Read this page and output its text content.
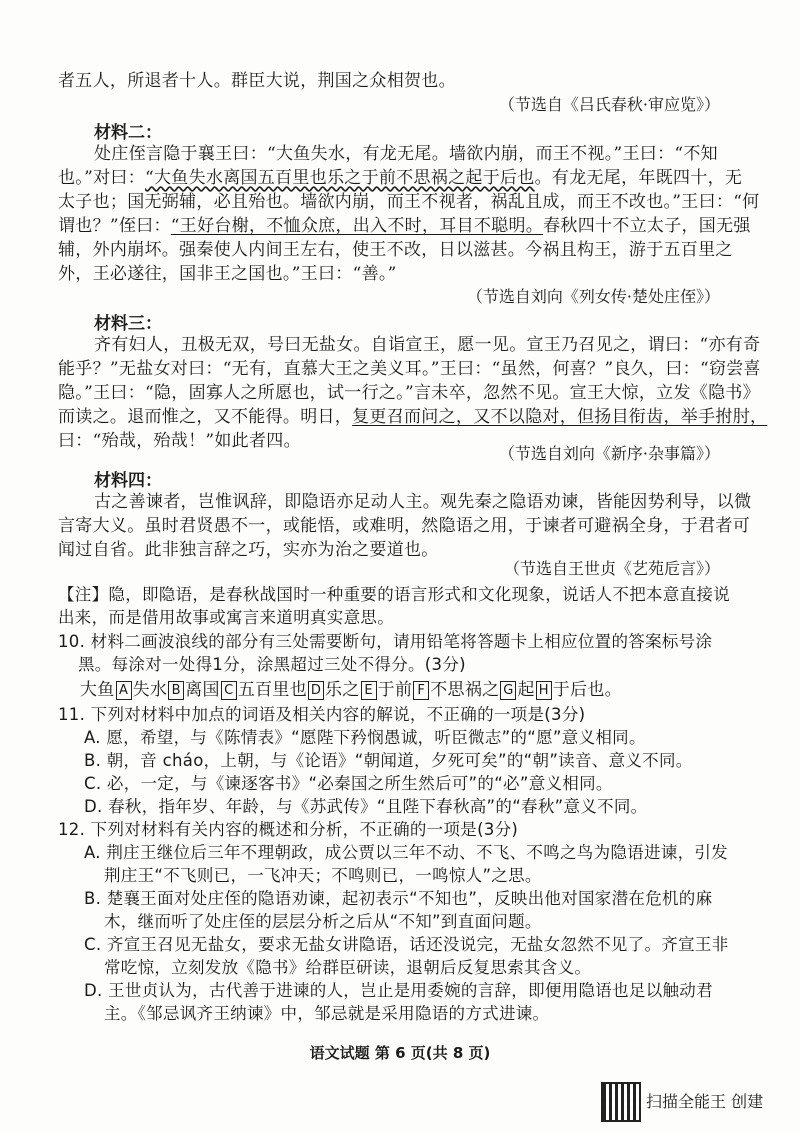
者五人，所退者十人。群臣大说，荆国之众相贺也。

（节选自《吕氏春秋·审应览》）
材料二：

处庄侄言隐于襄王曰：“大鱼失水，有龙无尾。墙欲内崩，而王不视。”王曰：“不知

也。”对曰：“大鱼失水离国五百里也乐之于前不思祸之起于后也。有龙无尾，年既四十，无

太子也；国无弼辅，必且殆也。墙欲内崩，而王不视者，祸乱且成，而王不改也。”王曰：“何

谓也？”侄曰：“王好台榭，不恤众庶，出入不时，耳目不聪明。春秋四十不立太子，国无强

辅，外内崩坏。强秦使人内间王左右，使王不改，日以滋甚。今祸且构王，游于五百里之

外，王必遂往，国非王之国也。”王曰：“善。”

（节选自刘向《列女传·楚处庄侄》）
材料三：

齐有妇人，丑极无双，号曰无盐女。自诣宣王，愿一见。宣王乃召见之，谓曰：“亦有奇

能乎？”无盐女对曰：“无有，直慕大王之美义耳。”王曰：“虽然，何喜？”良久，曰：“窃尝喜

隐。”王曰：“隐，固寡人之所愿也，试一行之。”言未卒，忽然不见。宣王大惊，立发《隐书》

而读之。退而惟之，又不能得。明日，复更召而问之，又不以隐对，但扬目衔齿，举手拊肘，

曰：“殆哉，殆哉！”如此者四。

（节选自刘向《新序·杂事篇》）
材料四：

古之善谏者，岂惟讽辞，即隐语亦足动人主。观先秦之隐语劝谏，皆能因势利导，以微

言寄大义。虽时君贤愚不一，或能悟，或难明，然隐语之用，于谏者可避祸全身，于君者可

闻过自省。此非独言辞之巧，实亦为治之要道也。

（节选自王世贞《艺苑卮言》）

【注】隐，即隐语，是春秋战国时一种重要的语言形式和文化现象，说话人不把本意直接说

出来，而是借用故事或寓言来道明真实意思。

10. 材料二画波浪线的部分有三处需要断句，请用铅笔将答题卡上相应位置的答案标号涂

黑。每涂对一处得1分，涂黑超过三处不得分。(3分)

大鱼 A 失水 B 离国 C 五百里也 D 乐之 E 于前 F 不思祸之 G 起 H 于后也。

11. 下列对材料中加点的词语及相关内容的解说，不正确的一项是(3分)

A. 愿，希望，与《陈情表》“愿陛下矜悯愚诚，听臣微志”的“愿”意义相同。

B. 朝，音 cháo，上朝，与《论语》“朝闻道，夕死可矣”的“朝”读音、意义不同。

C. 必，一定，与《谏逐客书》“必秦国之所生然后可”的“必”意义相同。

D. 春秋，指年岁、年龄，与《苏武传》“且陛下春秋高”的“春秋”意义不同。

12. 下列对材料有关内容的概述和分析，不正确的一项是(3分)

A. 荆庄王继位后三年不理朝政，成公贾以三年不动、不飞、不鸣之鸟为隐语进谏，引发

荆庄王“不飞则已，一飞冲天；不鸣则已，一鸣惊人”之思。

B. 楚襄王面对处庄侄的隐语劝谏，起初表示“不知也”，反映出他对国家潜在危机的麻

木，继而听了处庄侄的层层分析之后从“不知”到直面问题。

C. 齐宣王召见无盐女，要求无盐女讲隐语，话还没说完，无盐女忽然不见了。齐宣王非

常吃惊，立刻发放《隐书》给群臣研读，退朝后反复思索其含义。

D. 王世贞认为，古代善于进谏的人，岂止是用委婉的言辞，即便用隐语也足以触动君

主。《邹忌讽齐王纳谏》中，邹忌就是采用隐语的方式进谏。

语文试题 第 6 页(共 8 页)
扫描全能王 创建
